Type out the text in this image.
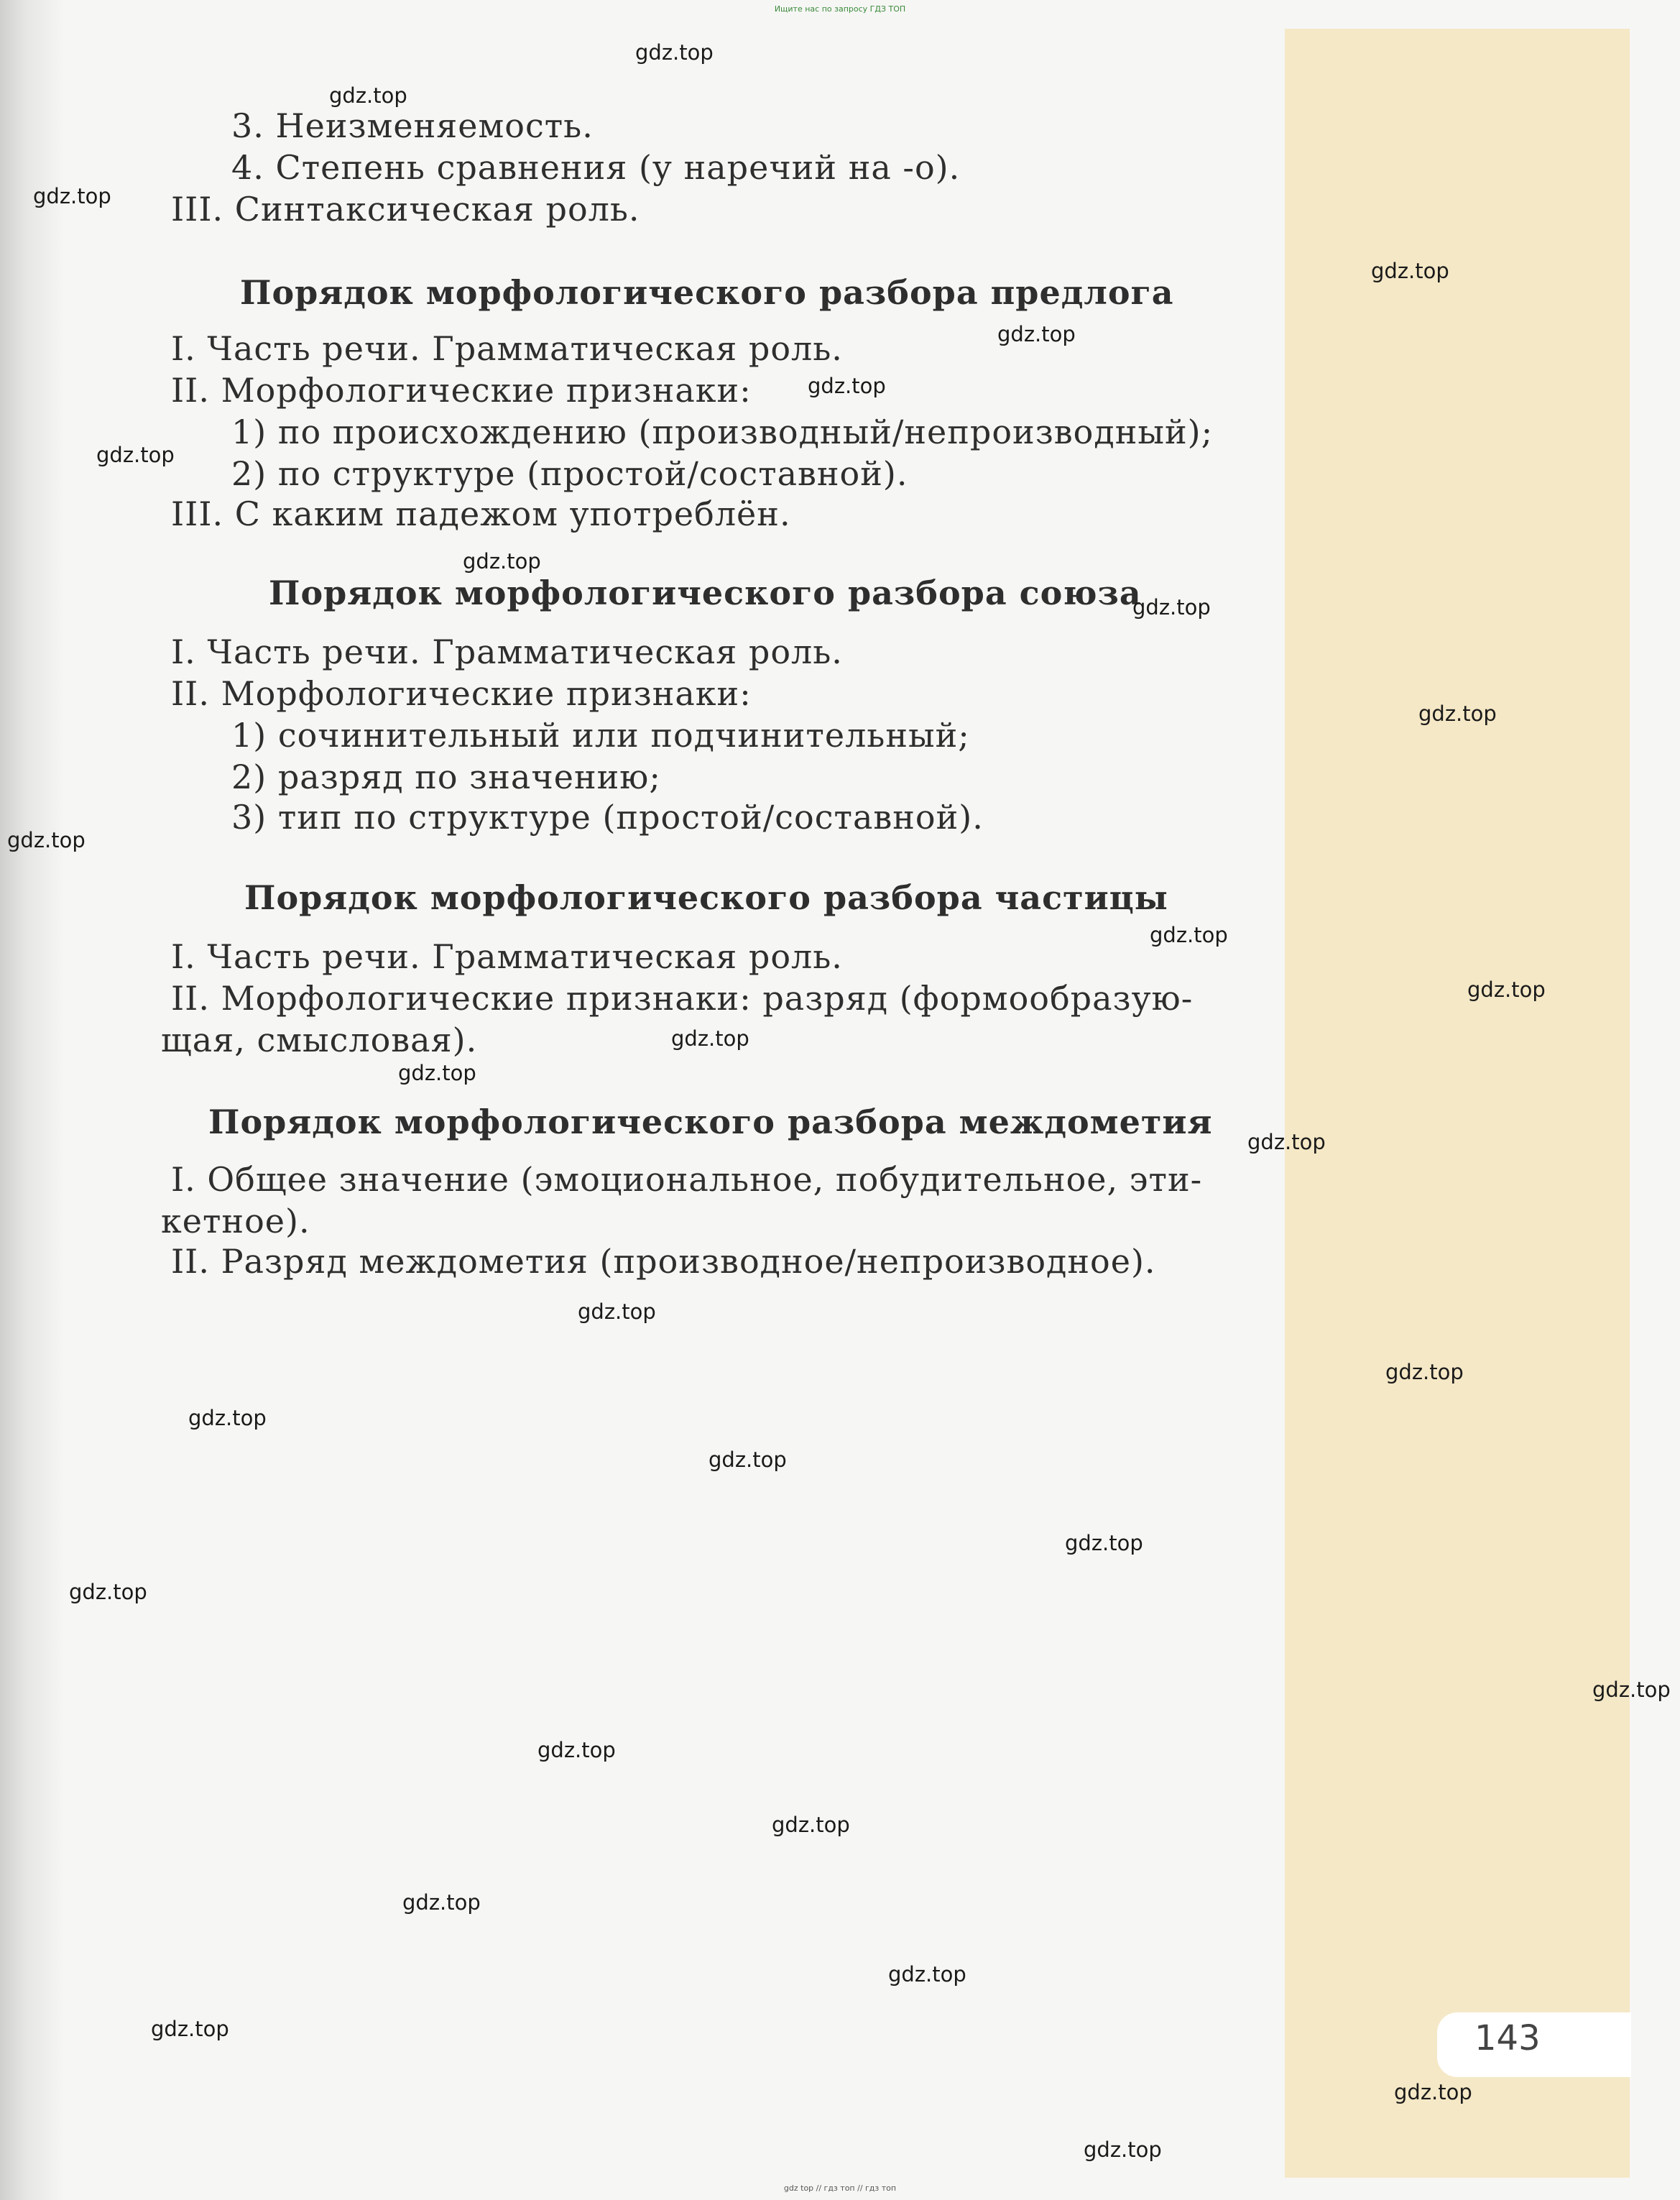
Ищите нас по запросу ГДЗ ТОП
3. Неизменяемость.
4. Степень сравнения (у наречий на -o).
III. Синтаксическая роль.
Порядок морфологического разбора предлога
I. Часть речи. Грамматическая роль.
II. Морфологические признаки:
1) по происхождению (производный/непроизводный);
2) по структуре (простой/составной).
III. С каким падежом употреблён.
Порядок морфологического разбора союза
I. Часть речи. Грамматическая роль.
II. Морфологические признаки:
1) сочинительный или подчинительный;
2) разряд по значению;
3) тип по структуре (простой/составной).
Порядок морфологического разбора частицы
I. Часть речи. Грамматическая роль.
II. Морфологические признаки: разряд (формообразую-
щая, смысловая).
Порядок морфологического разбора междометия
I. Общее значение (эмоциональное, побудительное, эти-
кетное).
II. Разряд междометия (производное/непроизводное).
143
gdz.top
gdz.top
gdz.top
gdz.top
gdz.top
gdz.top
gdz.top
gdz.top
gdz.top
gdz.top
gdz.top
gdz.top
gdz.top
gdz.top
gdz.top
gdz.top
gdz.top
gdz.top
gdz.top
gdz.top
gdz.top
gdz.top
gdz.top
gdz.top
gdz.top
gdz.top
gdz.top
gdz.top
gdz.top
gdz.top
gdz top // гдз топ // гдз топ
